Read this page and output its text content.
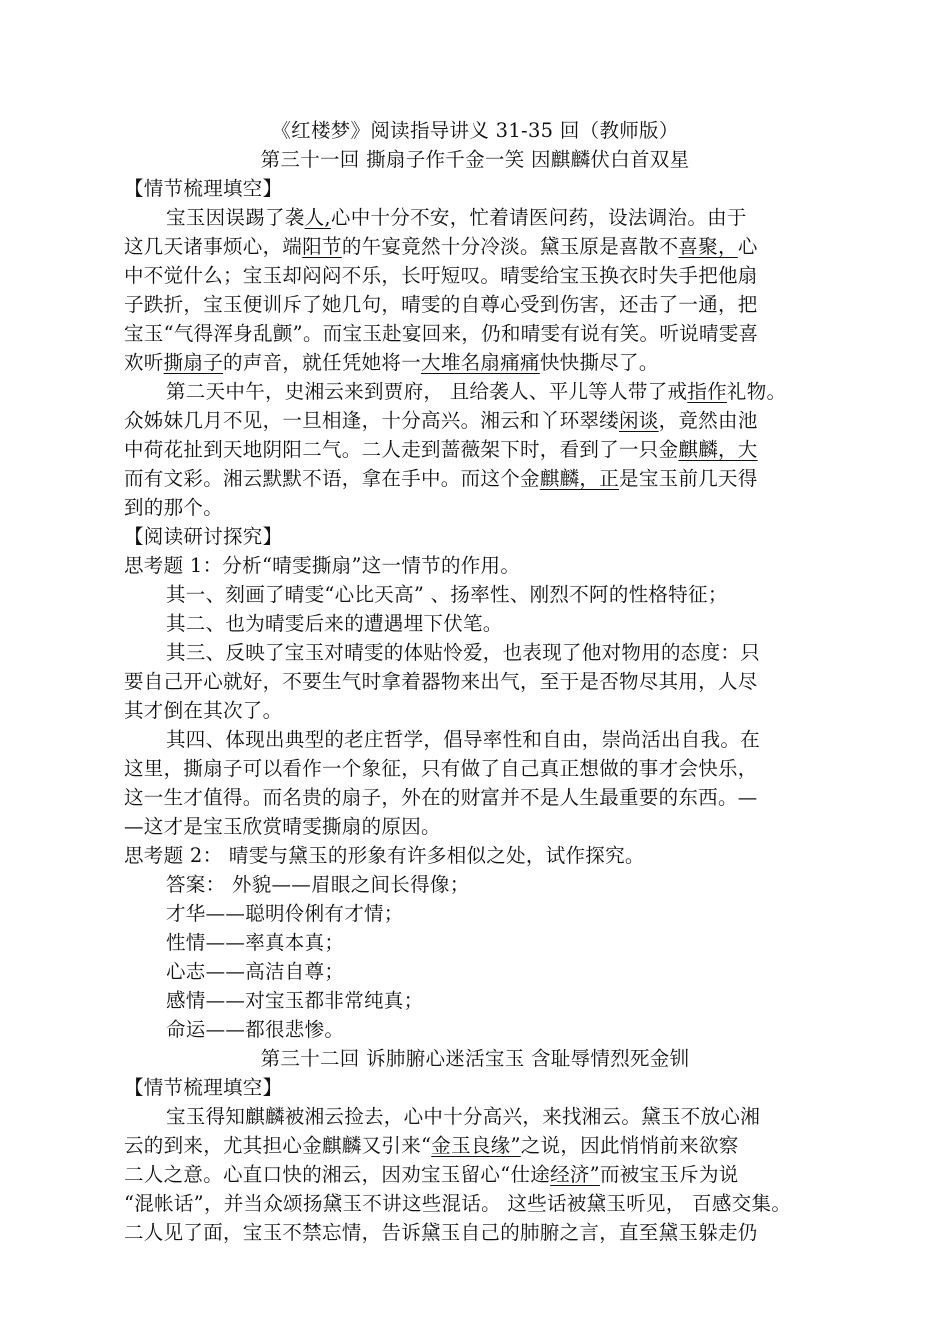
《红楼梦》阅读指导讲义 31-35 回（教师版）
第三十一回 撕扇子作千金一笑 因麒麟伏白首双星
【情节梳理填空】
宝玉因误踢了袭人,心中十分不安，忙着请医问药，设法调治。由于
这几天诸事烦心，端阳节的午宴竟然十分冷淡。黛玉原是喜散不喜聚，心
中不觉什么；宝玉却闷闷不乐，长吁短叹。晴雯给宝玉换衣时失手把他扇
子跌折，宝玉便训斥了她几句，晴雯的自尊心受到伤害，还击了一通，把
宝玉“气得浑身乱颤”。而宝玉赴宴回来，仍和晴雯有说有笑。听说晴雯喜
欢听撕扇子的声音，就任凭她将一大堆名扇痛痛快快撕尽了。
第二天中午，史湘云来到贾府， 且给袭人、平儿等人带了戒指作礼物。
众姊妹几月不见，一旦相逢，十分高兴。湘云和丫环翠缕闲谈，竟然由池
中荷花扯到天地阴阳二气。二人走到蔷薇架下时，看到了一只金麒麟，大
而有文彩。湘云默默不语，拿在手中。而这个金麒麟，正是宝玉前几天得
到的那个。
【阅读研讨探究】
思考题 1：分析“晴雯撕扇”这一情节的作用。
其一、刻画了晴雯“心比天高” 、扬率性、刚烈不阿的性格特征；
其二、也为晴雯后来的遭遇埋下伏笔。
其三、反映了宝玉对晴雯的体贴怜爱，也表现了他对物用的态度：只
要自己开心就好，不要生气时拿着器物来出气，至于是否物尽其用，人尽
其才倒在其次了。
其四、体现出典型的老庄哲学，倡导率性和自由，崇尚活出自我。在
这里，撕扇子可以看作一个象征，只有做了自己真正想做的事才会快乐，
这一生才值得。而名贵的扇子，外在的财富并不是人生最重要的东西。—
—这才是宝玉欣赏晴雯撕扇的原因。
思考题 2： 晴雯与黛玉的形象有许多相似之处，试作探究。
答案： 外貌——眉眼之间长得像；
才华——聪明伶俐有才情；
性情——率真本真；
心志——高洁自尊；
感情——对宝玉都非常纯真；
命运——都很悲惨。
第三十二回 诉肺腑心迷活宝玉 含耻辱情烈死金钏
【情节梳理填空】
宝玉得知麒麟被湘云捡去，心中十分高兴，来找湘云。黛玉不放心湘
云的到来，尤其担心金麒麟又引来“金玉良缘”之说，因此悄悄前来欲察
二人之意。心直口快的湘云，因劝宝玉留心“仕途经济”而被宝玉斥为说
“混帐话”，并当众颂扬黛玉不讲这些混话。 这些话被黛玉听见， 百感交集。
二人见了面，宝玉不禁忘情，告诉黛玉自己的肺腑之言，直至黛玉躲走仍
